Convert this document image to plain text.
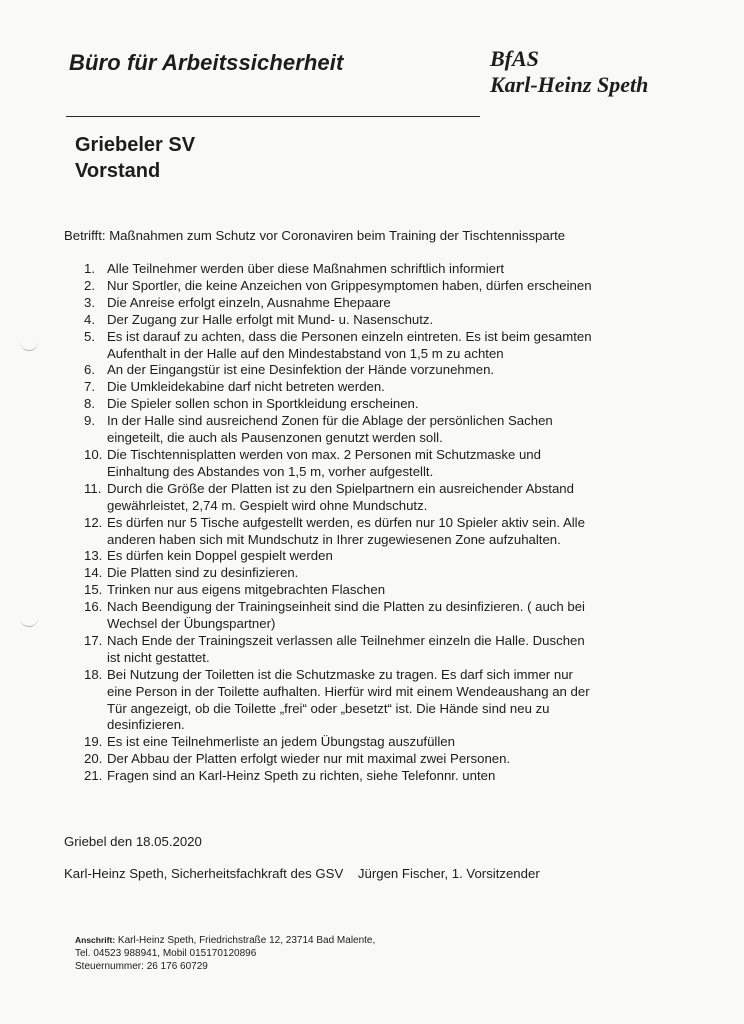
Büro für Arbeitssicherheit	BfAS
Karl-Heinz Speth
Griebeler SV
Vorstand
Betrifft: Maßnahmen zum Schutz vor Coronaviren beim Training der Tischtennissparte
1. Alle Teilnehmer werden über diese Maßnahmen schriftlich informiert
2. Nur Sportler, die keine Anzeichen von Grippesymptomen haben, dürfen erscheinen
3. Die Anreise erfolgt einzeln, Ausnahme Ehepaare
4. Der Zugang zur Halle erfolgt mit Mund- u. Nasenschutz.
5. Es ist darauf zu achten, dass die Personen einzeln eintreten. Es ist beim gesamten
Aufenthalt in der Halle auf den Mindestabstand von 1,5 m zu achten
6. An der Eingangstür ist eine Desinfektion der Hände vorzunehmen.
7. Die Umkleidekabine darf nicht betreten werden.
8. Die Spieler sollen schon in Sportkleidung erscheinen.
9. In der Halle sind ausreichend Zonen für die Ablage der persönlichen Sachen
eingeteilt, die auch als Pausenzonen genutzt werden soll.
10. Die Tischtennisplatten werden von max. 2 Personen mit Schutzmaske und
Einhaltung des Abstandes von 1,5 m, vorher aufgestellt.
11. Durch die Größe der Platten ist zu den Spielpartnern ein ausreichender Abstand
gewährleistet, 2,74 m. Gespielt wird ohne Mundschutz.
12. Es dürfen nur 5 Tische aufgestellt werden, es dürfen nur 10 Spieler aktiv sein. Alle
anderen haben sich mit Mundschutz in Ihrer zugewiesenen Zone aufzuhalten.
13. Es dürfen kein Doppel gespielt werden
14. Die Platten sind zu desinfizieren.
15. Trinken nur aus eigens mitgebrachten Flaschen
16. Nach Beendigung der Trainingseinheit sind die Platten zu desinfizieren. ( auch bei
Wechsel der Übungspartner)
17. Nach Ende der Trainingszeit verlassen alle Teilnehmer einzeln die Halle. Duschen
ist nicht gestattet.
18. Bei Nutzung der Toiletten ist die Schutzmaske zu tragen. Es darf sich immer nur
eine Person in der Toilette aufhalten. Hierfür wird mit einem Wendeaushang an der
Tür angezeigt, ob die Toilette „frei“ oder „besetzt“ ist. Die Hände sind neu zu
desinfizieren.
19. Es ist eine Teilnehmerliste an jedem Übungstag auszufüllen
20. Der Abbau der Platten erfolgt wieder nur mit maximal zwei Personen.
21. Fragen sind an Karl-Heinz Speth zu richten, siehe Telefonnr. unten
Griebel den 18.05.2020
Karl-Heinz Speth, Sicherheitsfachkraft des GSV Jürgen Fischer, 1. Vorsitzender
Anschrift: Karl-Heinz Speth, Friedrichstraße 12, 23714 Bad Malente,
Tel. 04523 988941, Mobil 015170120896
Steuernummer: 26 176 60729
